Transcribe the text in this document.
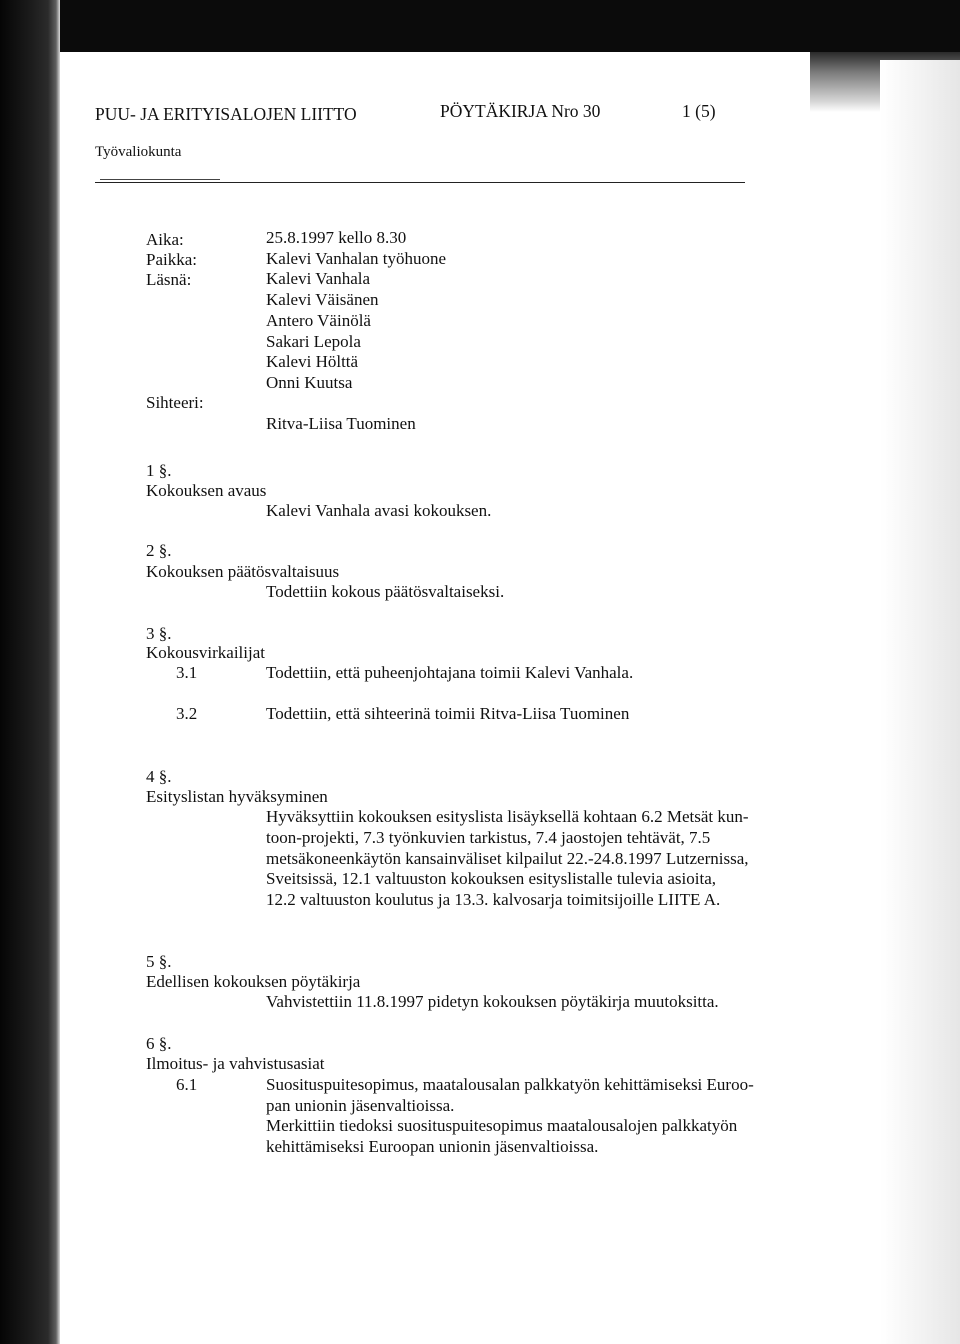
PUU- JA ERITYISALOJEN LIITTO	PÖYTÄKIRJA Nro 30	1 (5)
Työvaliokunta
Aika:	25.8.1997 kello 8.30
Paikka:	Kalevi Vanhalan työhuone
Läsnä:	Kalevi Vanhala
Kalevi Väisänen
Antero Väinölä
Sakari Lepola
Kalevi Hölttä
Onni Kuutsa
Sihteeri:
Ritva-Liisa Tuominen
1 §.
Kokouksen avaus
Kalevi Vanhala avasi kokouksen.
2 §.
Kokouksen päätösvaltaisuus
Todettiin kokous päätösvaltaiseksi.
3 §.
Kokousvirkailijat
3.1	Todettiin, että puheenjohtajana toimii Kalevi Vanhala.
3.2	Todettiin, että sihteerinä toimii Ritva-Liisa Tuominen
4 §.
Esityslistan hyväksyminen
Hyväksyttiin kokouksen esityslista lisäyksellä kohtaan 6.2 Metsät kun-
toon-projekti, 7.3 työnkuvien tarkistus, 7.4 jaostojen tehtävät, 7.5
metsäkoneenkäytön kansainväliset kilpailut 22.-24.8.1997 Lutzernissa,
Sveitsissä, 12.1 valtuuston kokouksen esityslistalle tulevia asioita,
12.2 valtuuston koulutus ja 13.3. kalvosarja toimitsijoille LIITE A.
5 §.
Edellisen kokouksen pöytäkirja
Vahvistettiin 11.8.1997 pidetyn kokouksen pöytäkirja muutoksitta.
6 §.
Ilmoitus- ja vahvistusasiat
6.1	Suosituspuitesopimus, maatalousalan palkkatyön kehittämiseksi Euroo-
pan unionin jäsenvaltioissa.
Merkittiin tiedoksi suosituspuitesopimus maatalousalojen palkkatyön
kehittämiseksi Euroopan unionin jäsenvaltioissa.
